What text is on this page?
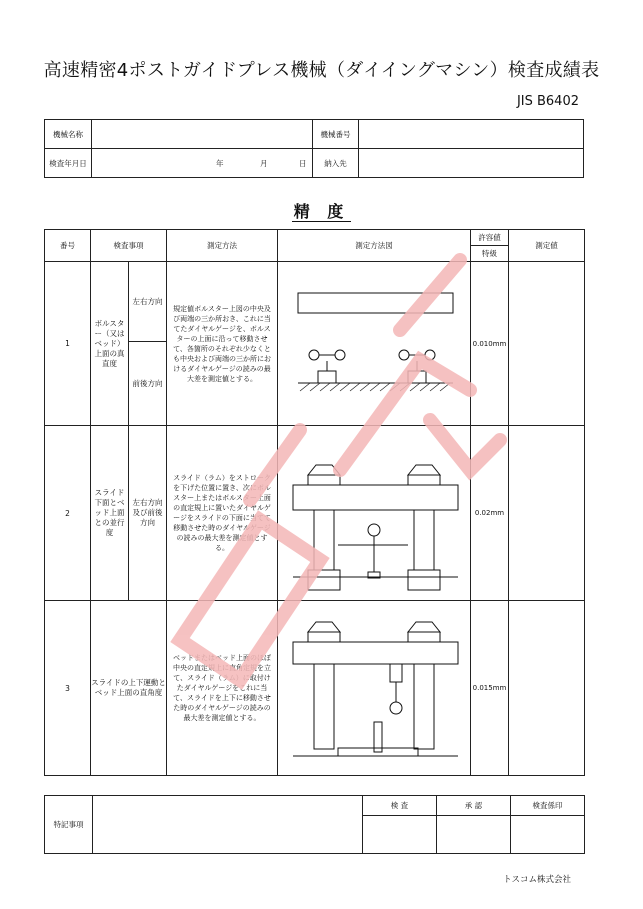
高速精密4ポストガイドプレス機械（ダイイングマシン）検査成績表
JIS B6402
機械名称		機械番号	
検査年月日	年 月 日	納入先	
精 度
番号	検査事項		測定方法	測定方法図	許容値	測定値
					特級	
1	ボルスター（又はベッド）上面の真直度	左右方向	規定値ボルスター上図の中央及び両端の三か所おき、これに当てたダイヤルゲージを、ボルスターの上面に沿って移動させて、各箇所のそれぞれ少なくとも中央および両端の三か所におけるダイヤルゲージの読みの最大差を測定値とする。		0.010mm	
		前後方向				
2	スライド下面とベッド上面との並行度	左右方向及び前後方向	スライド（ラム）をストロークを下げた位置に置き、次にボルスター上またはボルスター上面の直定規上に置いたダイヤルゲージをスライドの下面に当てて移動させた時のダイヤルゲージの読みの最大差を測定値とする。		0.02mm	
3	スライドの上下運動とベッド上面の直角度		ベッドまたはベッド上面のほぼ中央の直定規上に直角定規を立て、スライド（ラム）に取付けたダイヤルゲージをこれに当て、スライドを上下に移動させた時のダイヤルゲージの読みの最大差を測定値とする。		0.015mm	
特記事項		検 査	承 認	検査係印

トスコム株式会社
